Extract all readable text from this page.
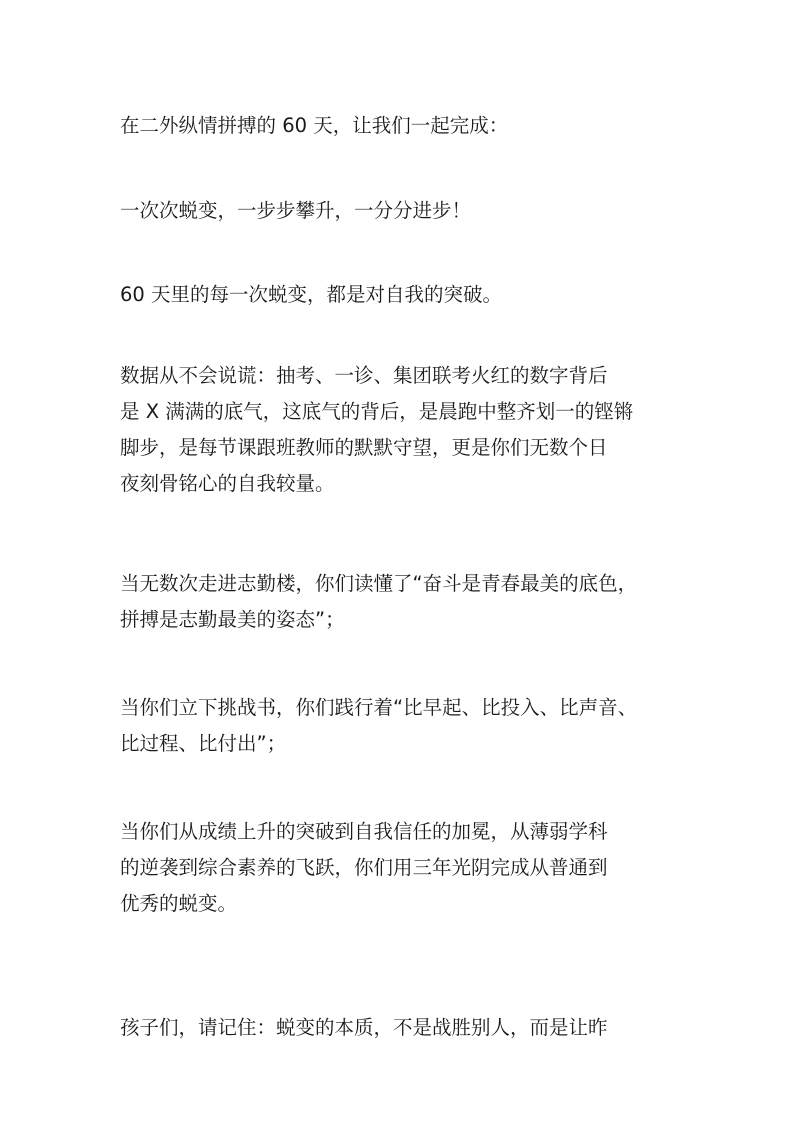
在二外纵情拼搏的 60 天，让我们一起完成：
一次次蜕变，一步步攀升，一分分进步！
60 天里的每一次蜕变，都是对自我的突破。
数据从不会说谎：抽考、一诊、集团联考火红的数字背后
是 X 满满的底气，这底气的背后，是晨跑中整齐划一的铿锵
脚步，是每节课跟班教师的默默守望，更是你们无数个日
夜刻骨铭心的自我较量。
当无数次走进志勤楼，你们读懂了“奋斗是青春最美的底色，
拼搏是志勤最美的姿态”；
当你们立下挑战书，你们践行着“比早起、比投入、比声音、
比过程、比付出”；
当你们从成绩上升的突破到自我信任的加冕，从薄弱学科
的逆袭到综合素养的飞跃，你们用三年光阴完成从普通到
优秀的蜕变。
孩子们，请记住：蜕变的本质，不是战胜别人，而是让昨
